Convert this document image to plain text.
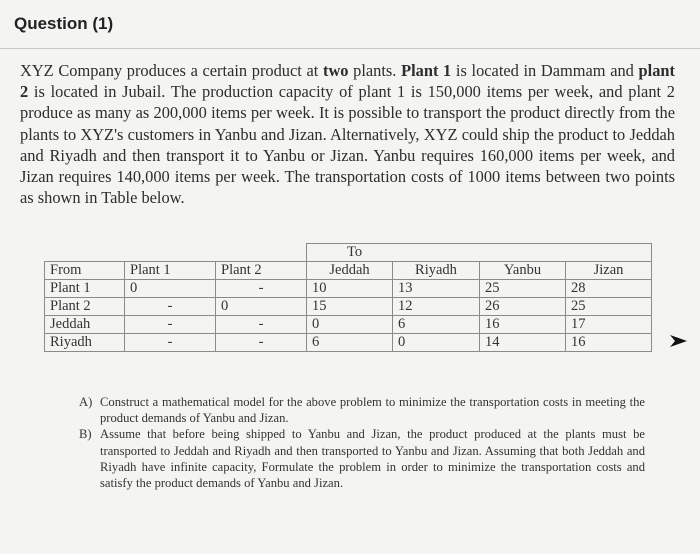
Question (1)
XYZ Company produces a certain product at two plants. Plant 1 is located in Dammam and plant 2 is located in Jubail. The production capacity of plant 1 is 150,000 items per week, and plant 2 produce as many as 200,000 items per week. It is possible to transport the product directly from the plants to XYZ's customers in Yanbu and Jizan. Alternatively, XYZ could ship the product to Jeddah and Riyadh and then transport it to Yanbu or Jizan. Yanbu requires 160,000 items per week, and Jizan requires 140,000 items per week. The transportation costs of 1000 items between two points as shown in Table below.
			To			
From	Plant 1	Plant 2	Jeddah	Riyadh	Yanbu	Jizan
Plant 1	0	-	10	13	25	28
Plant 2	-	0	15	12	26	25
Jeddah	-	-	0	6	16	17
Riyadh	-	-	6	0	14	16
A) Construct a mathematical model for the above problem to minimize the transportation costs in meeting the product demands of Yanbu and Jizan.
B) Assume that before being shipped to Yanbu and Jizan, the product produced at the plants must be transported to Jeddah and Riyadh and then transported to Yanbu and Jizan. Assuming that both Jeddah and Riyadh have infinite capacity, Formulate the problem in order to minimize the transportation costs and satisfy the product demands of Yanbu and Jizan.
